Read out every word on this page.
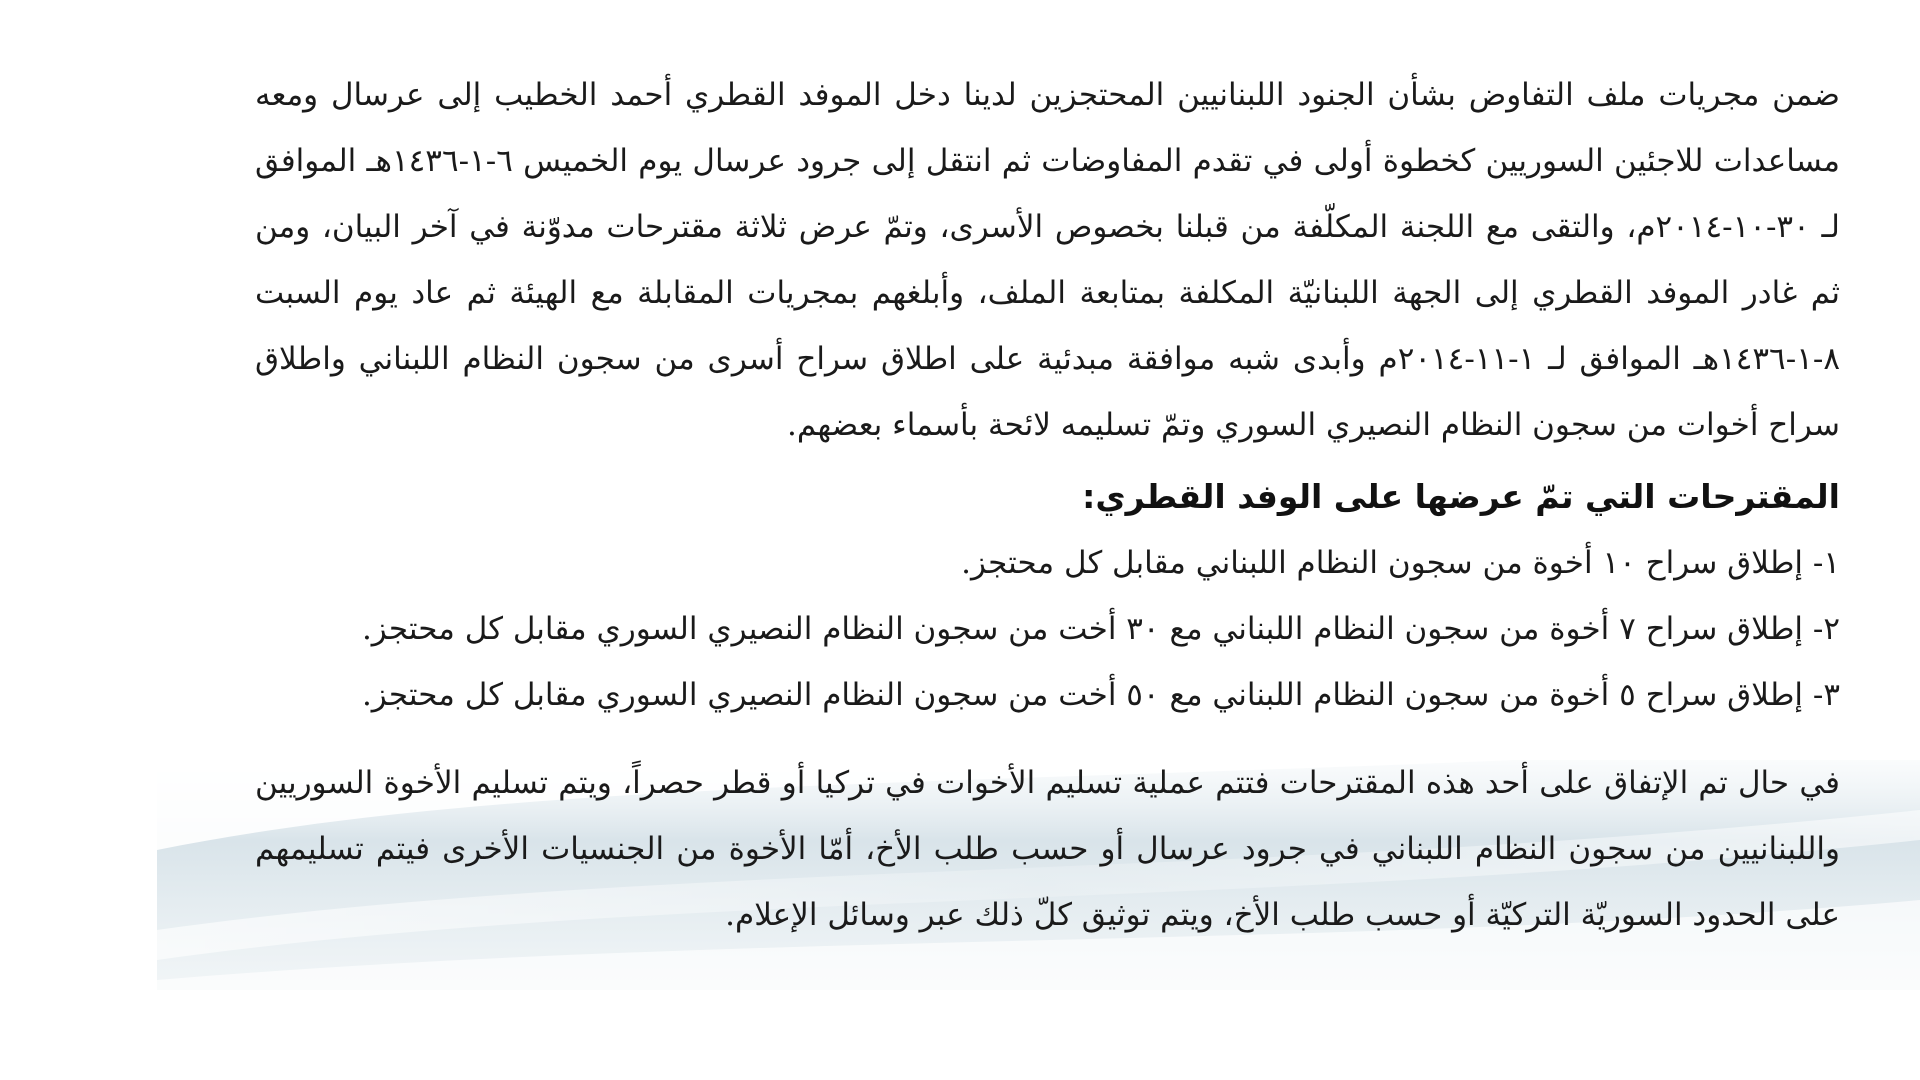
ضمن مجريات ملف التفاوض بشأن الجنود اللبنانيين المحتجزين لدينا دخل الموفد القطري أحمد الخطيب إلى عرسال ومعه مساعدات للاجئين السوريين كخطوة أولى في تقدم المفاوضات ثم انتقل إلى جرود عرسال يوم الخميس ٦-١-١٤٣٦هـ الموافق لـ ٣٠-١٠-٢٠١٤م، والتقى مع اللجنة المكلّفة من قبلنا بخصوص الأسرى، وتمّ عرض ثلاثة مقترحات مدوّنة في آخر البيان، ومن ثم غادر الموفد القطري إلى الجهة اللبنانيّة المكلفة بمتابعة الملف، وأبلغهم بمجريات المقابلة مع الهيئة ثم عاد يوم السبت ٨-١-١٤٣٦هـ الموافق لـ ١-١١-٢٠١٤م وأبدى شبه موافقة مبدئية على اطلاق سراح أسرى من سجون النظام اللبناني واطلاق سراح أخوات من سجون النظام النصيري السوري وتمّ تسليمه لائحة بأسماء بعضهم.

المقترحات التي تمّ عرضها على الوفد القطري:
١- إطلاق سراح ١٠ أخوة من سجون النظام اللبناني مقابل كل محتجز.
٢- إطلاق سراح ٧ أخوة من سجون النظام اللبناني مع ٣٠ أخت من سجون النظام النصيري السوري مقابل كل محتجز.
٣- إطلاق سراح ٥ أخوة من سجون النظام اللبناني مع ٥٠ أخت من سجون النظام النصيري السوري مقابل كل محتجز.

في حال تم الإتفاق على أحد هذه المقترحات فتتم عملية تسليم الأخوات في تركيا أو قطر حصراً، ويتم تسليم الأخوة السوريين واللبنانيين من سجون النظام اللبناني في جرود عرسال أو حسب طلب الأخ، أمّا الأخوة من الجنسيات الأخرى فيتم تسليمهم على الحدود السوريّة التركيّة أو حسب طلب الأخ، ويتم توثيق كلّ ذلك عبر وسائل الإعلام.
